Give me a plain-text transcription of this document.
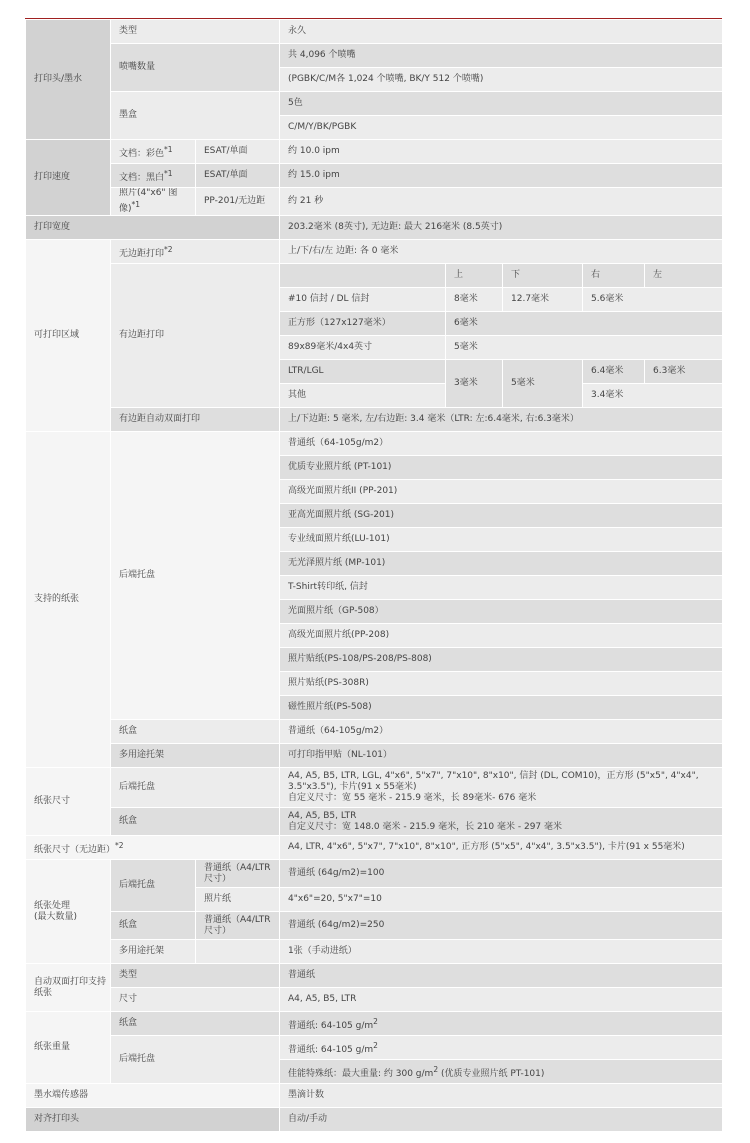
打印头/墨水	类型		永久				
	喷嘴数量		共 4,096 个喷嘴				
			(PGBK/C/M各 1,024 个喷嘴, BK/Y 512 个喷嘴)				
	墨盒		5色				
			C/M/Y/BK/PGBK				
打印速度	文档：彩色$^{*1}$	ESAT/单面	约 10.0 ipm				
	文档：黑白$^{*1}$	ESAT/单面	约 15.0 ipm				
	照片(4"x6" 图像)$^{*1}$	PP-201/无边距	约 21 秒				
打印宽度			203.2毫米 (8英寸), 无边距: 最大 216毫米 (8.5英寸)				
可打印区域	无边距打印$^{*2}$		上/下/右/左 边距: 各 0 毫米				
	有边距打印			上	下	右	左
			#10 信封 / DL 信封	8毫米	12.7毫米	5.6毫米	
			正方形（127x127毫米）	6毫米			
			89x89毫米/4x4英寸	5毫米			
			LTR/LGL	3毫米	5毫米	6.4毫米	6.3毫米
			其他			3.4毫米	
	有边距自动双面打印		上/下边距: 5 毫米, 左/右边距: 3.4 毫米（LTR: 左:6.4毫米, 右:6.3毫米）				
支持的纸张	后端托盘		普通纸（64-105g/m2）				
			优质专业照片纸 (PT-101)				
			高级光面照片纸II (PP-201)				
			亚高光面照片纸 (SG-201)				
			专业绒面照片纸(LU-101)				
			无光泽照片纸 (MP-101)				
			T-Shirt转印纸, 信封				
			光面照片纸（GP-508）				
			高级光面照片纸(PP-208)				
			照片贴纸(PS-108/PS-208/PS-808)				
			照片贴纸(PS-308R)				
			磁性照片纸(PS-508)				
	纸盒		普通纸（64-105g/m2）				
	多用途托架		可打印指甲贴（NL-101）				
纸张尺寸	后端托盘		A4, A5, B5, LTR, LGL, 4"x6", 5"x7", 7"x10", 8"x10", 信封 (DL, COM10)，正方形 (5"x5", 4"x4",
3.5"x3.5"), 卡片(91 x 55毫米)
自定义尺寸：宽 55 毫米 - 215.9 毫米，长 89毫米- 676 毫米				

	纸盒		A4, A5, B5, LTR
自定义尺寸：宽 148.0 毫米 - 215.9 毫米，长 210 毫米 - 297 毫米				

纸张尺寸（无边距）$^{*2}$			A4, LTR, 4"x6", 5"x7", 7"x10", 8"x10", 正方形 (5"x5", 4"x4", 3.5"x3.5"), 卡片(91 x 55毫米)				

纸张处理
(最大数量)	后端托盘	普通纸（A4/LTR尺寸）	普通纸 (64g/m2)=100				
		照片纸	4"x6"=20, 5"x7"=10				
	纸盒	普通纸（A4/LTR尺寸）	普通纸 (64g/m2)=250				
	多用途托架		1张（手动进纸）				
自动双面打印支持纸张	类型		普通纸				
	尺寸		A4, A5, B5, LTR				
纸张重量	纸盒		普通纸: 64-105 $g/m^2$
	后端托盘		普通纸: 64-105 $g/m^2$
			佳能特殊纸：最大重量: 约 300 $g/m^2$ (优质专业照片纸 PT-101)				
墨水端传感器			墨滴计数				
对齐打印头			自动/手动				
